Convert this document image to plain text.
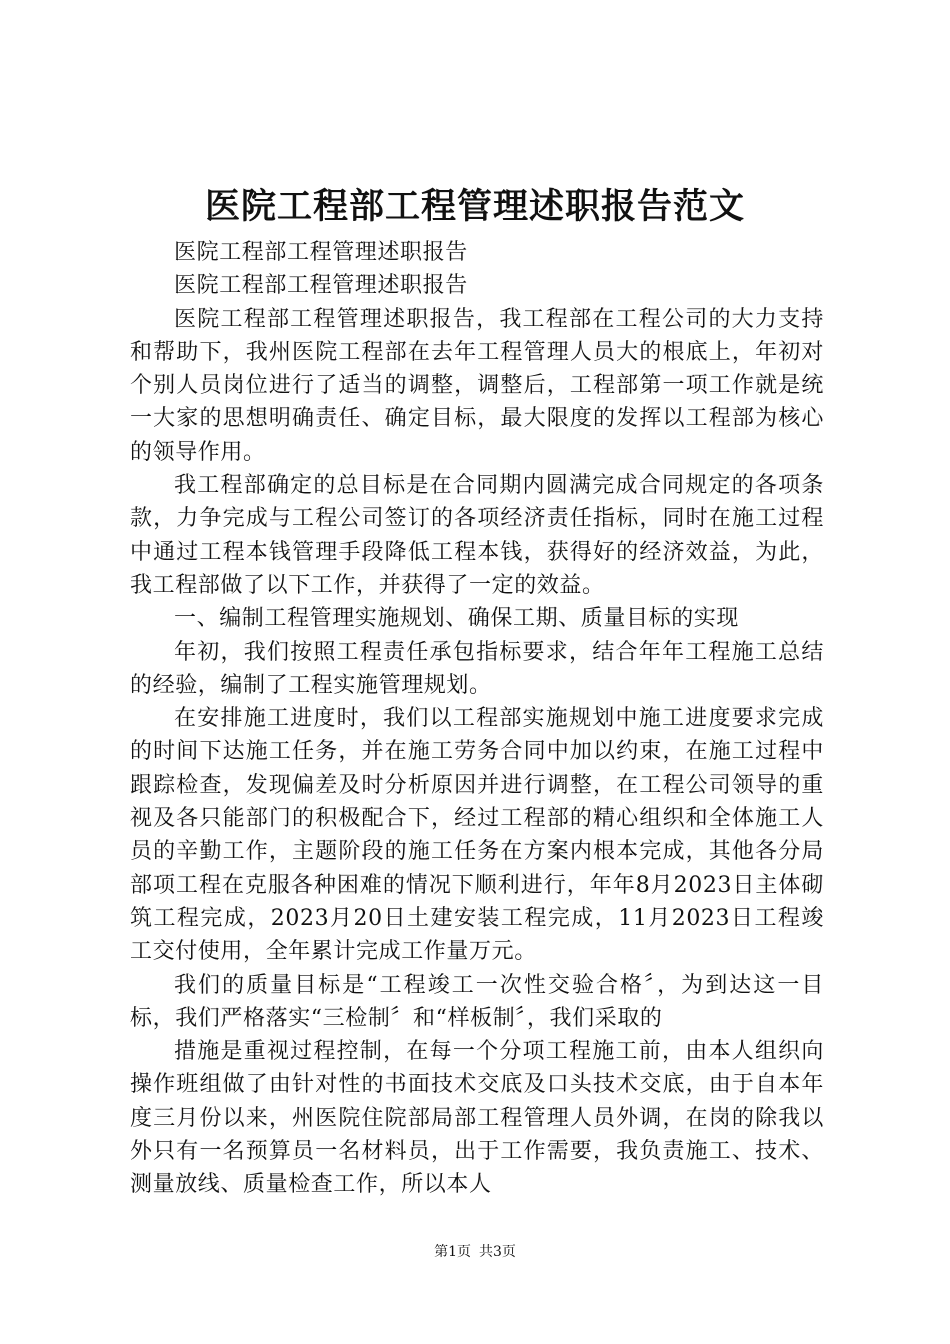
医院工程部工程管理述职报告范文

医院工程部工程管理述职报告

医院工程部工程管理述职报告

医院工程部工程管理述职报告，我工程部在工程公司的大力支持和帮助下，我州医院工程部在去年工程管理人员大的根底上，年初对个别人员岗位进行了适当的调整，调整后，工程部第一项工作就是统一大家的思想明确责任、确定目标，最大限度的发挥以工程部为核心的领导作用。

我工程部确定的总目标是在合同期内圆满完成合同规定的各项条款，力争完成与工程公司签订的各项经济责任指标，同时在施工过程中通过工程本钱管理手段降低工程本钱，获得好的经济效益，为此，我工程部做了以下工作，并获得了一定的效益。

一、编制工程管理实施规划、确保工期、质量目标的实现

年初，我们按照工程责任承包指标要求，结合年年工程施工总结的经验，编制了工程实施管理规划。

在安排施工进度时，我们以工程部实施规划中施工进度要求完成的时间下达施工任务，并在施工劳务合同中加以约束，在施工过程中跟踪检查，发现偏差及时分析原因并进行调整，在工程公司领导的重视及各只能部门的积极配合下，经过工程部的精心组织和全体施工人员的辛勤工作，主题阶段的施工任务在方案内根本完成，其他各分局部项工程在克服各种困难的情况下顺利进行，年年8月2023日主体砌筑工程完成，2023月20日土建安装工程完成，11月2023日工程竣工交付使用，全年累计完成工作量万元。

我们的质量目标是“工程竣工一次性交验合格〞，为到达这一目标，我们严格落实“三检制〞和“样板制〞，我们采取的

措施是重视过程控制，在每一个分项工程施工前，由本人组织向操作班组做了由针对性的书面技术交底及口头技术交底，由于自本年度三月份以来，州医院住院部局部工程管理人员外调，在岗的除我以外只有一名预算员一名材料员，出于工作需要，我负责施工、技术、测量放线、质量检查工作，所以本人

第1页 共3页
